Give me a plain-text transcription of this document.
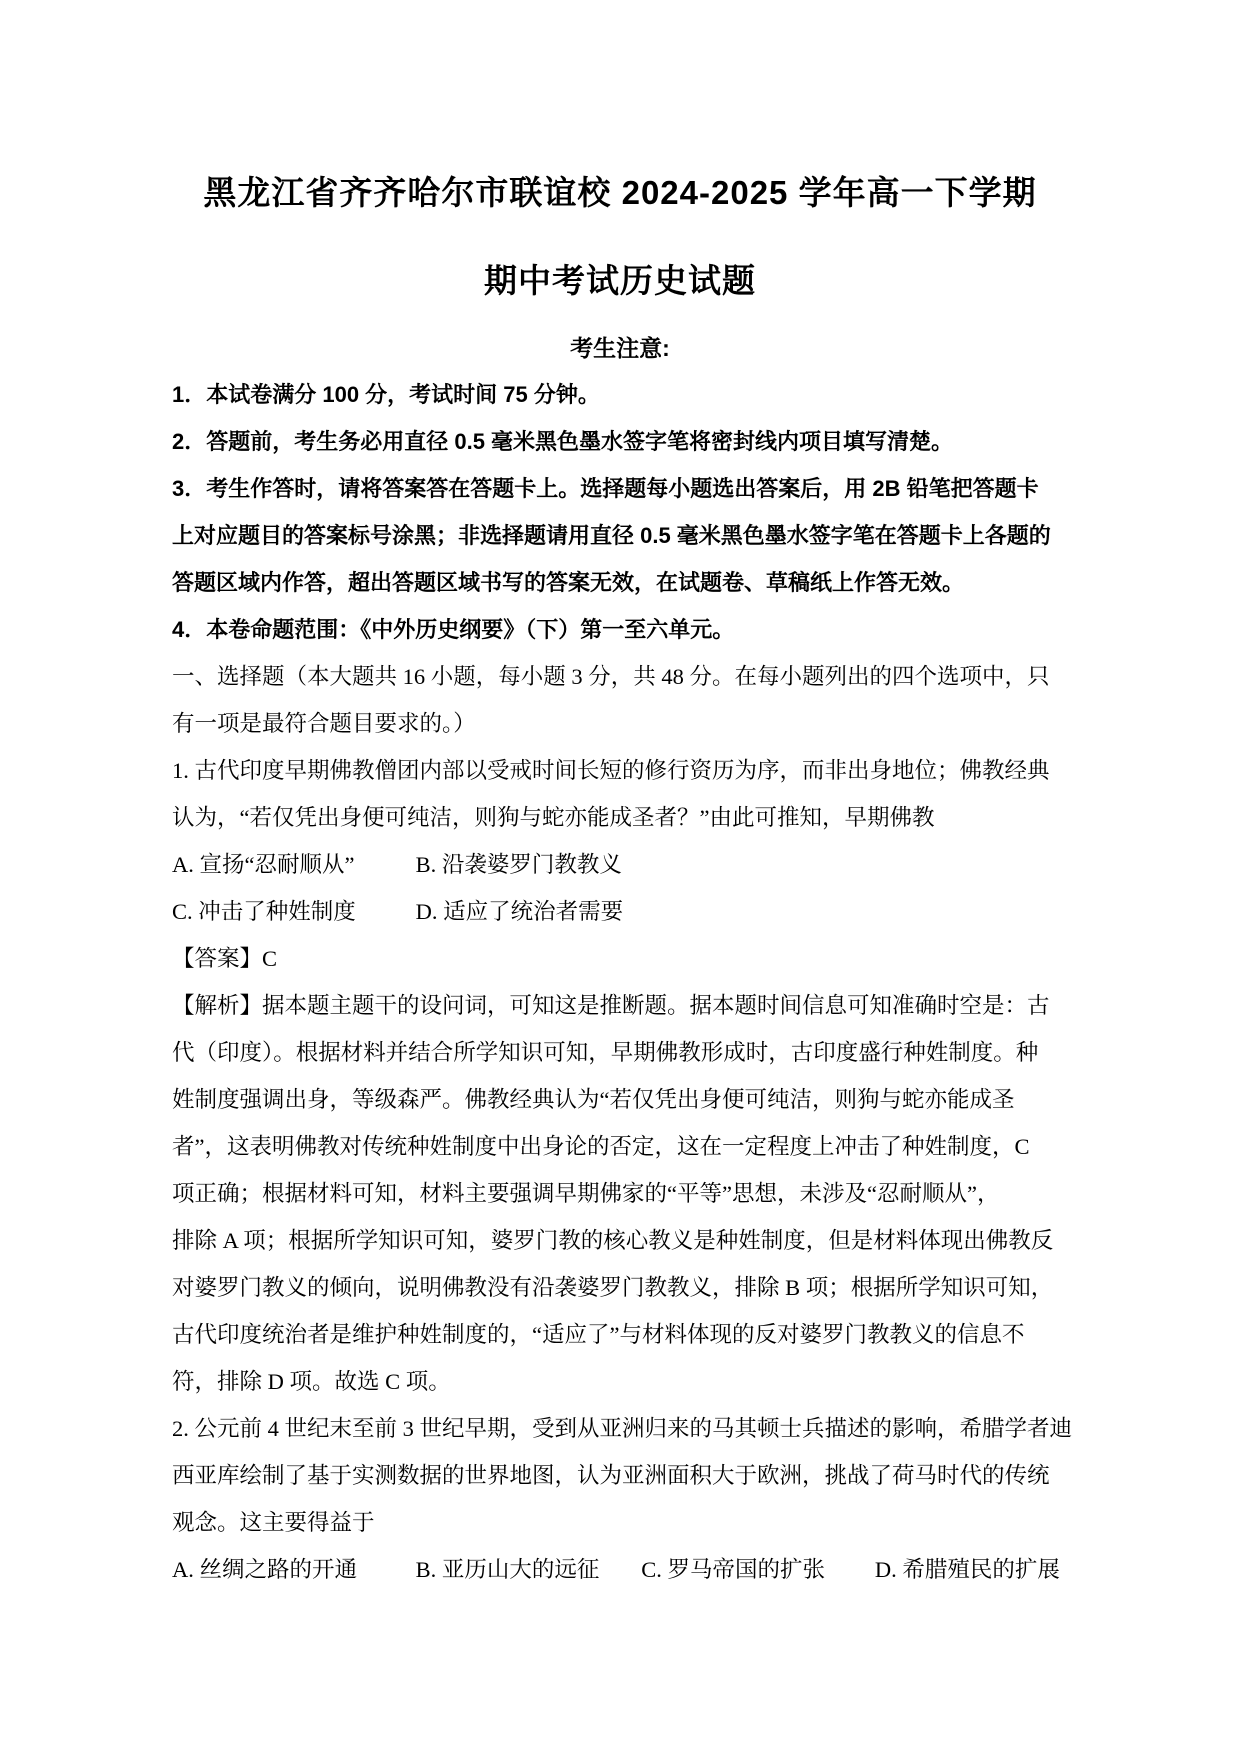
黑龙江省齐齐哈尔市联谊校 2024-2025 学年高一下学期
期中考试历史试题
考生注意:
1．本试卷满分 100 分，考试时间 75 分钟。
2．答题前，考生务必用直径 0.5 毫米黑色墨水签字笔将密封线内项目填写清楚。
3．考生作答时，请将答案答在答题卡上。选择题每小题选出答案后，用 2B 铅笔把答题卡
上对应题目的答案标号涂黑；非选择题请用直径 0.5 毫米黑色墨水签字笔在答题卡上各题的
答题区域内作答，超出答题区域书写的答案无效，在试题卷、草稿纸上作答无效。
4．本卷命题范围：《中外历史纲要》（下）第一至六单元。
一、选择题（本大题共 16 小题，每小题 3 分，共 48 分。在每小题列出的四个选项中，只
有一项是最符合题目要求的。）
1. 古代印度早期佛教僧团内部以受戒时间长短的修行资历为序，而非出身地位；佛教经典
认为，“若仅凭出身便可纯洁，则狗与蛇亦能成圣者？”由此可推知，早期佛教
A. 宣扬“忍耐顺从”	B. 沿袭婆罗门教教义
C. 冲击了种姓制度	D. 适应了统治者需要
【答案】C
【解析】据本题主题干的设问词，可知这是推断题。据本题时间信息可知准确时空是：古
代（印度）。根据材料并结合所学知识可知，早期佛教形成时，古印度盛行种姓制度。种
姓制度强调出身，等级森严。佛教经典认为“若仅凭出身便可纯洁，则狗与蛇亦能成圣
者”，这表明佛教对传统种姓制度中出身论的否定，这在一定程度上冲击了种姓制度，C
项正确；根据材料可知，材料主要强调早期佛家的“平等”思想，未涉及“忍耐顺从”，
排除 A 项；根据所学知识可知，婆罗门教的核心教义是种姓制度，但是材料体现出佛教反
对婆罗门教义的倾向，说明佛教没有沿袭婆罗门教教义，排除 B 项；根据所学知识可知，
古代印度统治者是维护种姓制度的，“适应了”与材料体现的反对婆罗门教教义的信息不
符，排除 D 项。故选 C 项。
2. 公元前 4 世纪末至前 3 世纪早期，受到从亚洲归来的马其顿士兵描述的影响，希腊学者迪
西亚库绘制了基于实测数据的世界地图，认为亚洲面积大于欧洲，挑战了荷马时代的传统
观念。这主要得益于
A. 丝绸之路的开通	B. 亚历山大的远征 C. 罗马帝国的扩张 D. 希腊殖民的扩展
